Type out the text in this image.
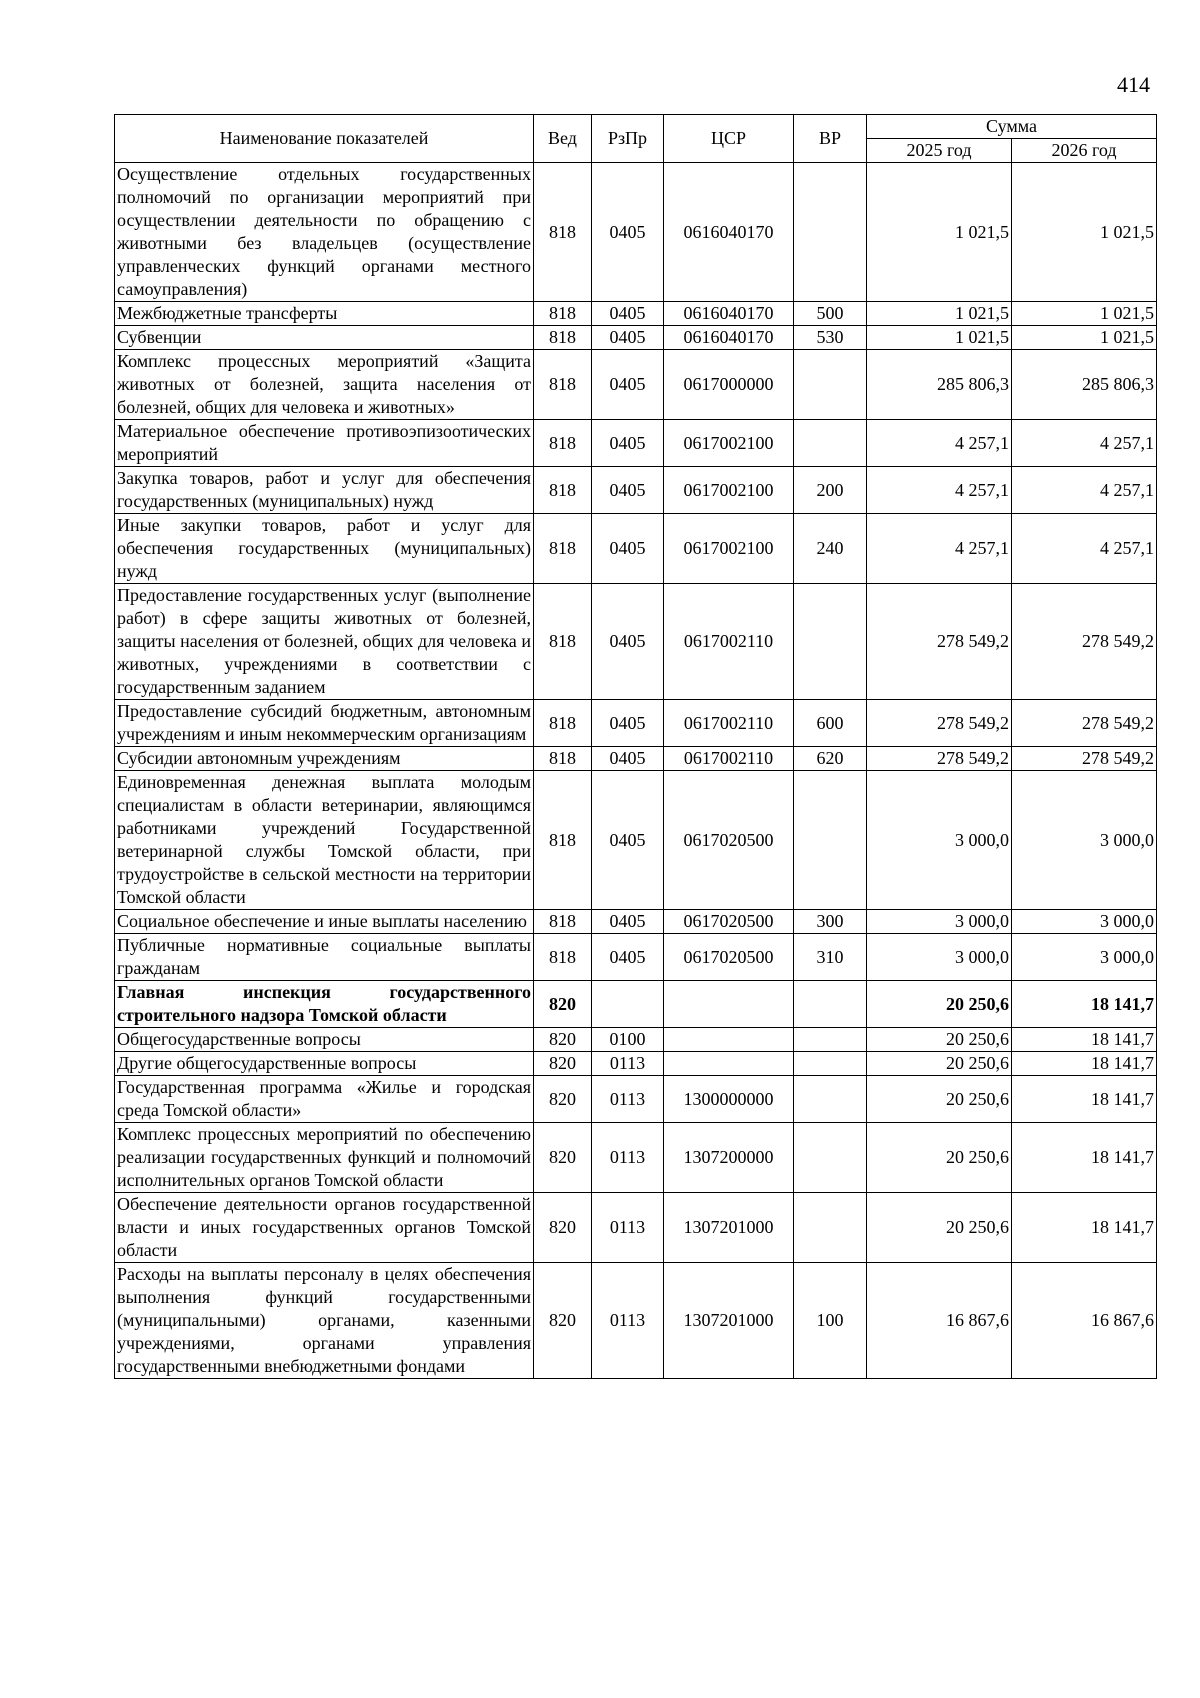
414
Наименование показателей	Вед	РзПр	ЦСР	ВР	Сумма	
					2025 год	2026 год
Осуществление отдельных государственных полномочий по организации мероприятий при осуществлении деятельности по обращению с животными без владельцев (осуществление управленческих функций органами местного самоуправления)	818	0405	0616040170		1 021,5	1 021,5
Межбюджетные трансферты	818	0405	0616040170	500	1 021,5	1 021,5
Субвенции	818	0405	0616040170	530	1 021,5	1 021,5
Комплекс процессных мероприятий «Защита животных от болезней, защита населения от болезней, общих для человека и животных»	818	0405	0617000000		285 806,3	285 806,3
Материальное обеспечение противоэпизоотических мероприятий	818	0405	0617002100		4 257,1	4 257,1
Закупка товаров, работ и услуг для обеспечения государственных (муниципальных) нужд	818	0405	0617002100	200	4 257,1	4 257,1
Иные закупки товаров, работ и услуг для обеспечения государственных (муниципальных) нужд	818	0405	0617002100	240	4 257,1	4 257,1
Предоставление государственных услуг (выполнение работ) в сфере защиты животных от болезней, защиты населения от болезней, общих для человека и животных, учреждениями в соответствии с государственным заданием	818	0405	0617002110		278 549,2	278 549,2
Предоставление субсидий бюджетным, автономным учреждениям и иным некоммерческим организациям	818	0405	0617002110	600	278 549,2	278 549,2
Субсидии автономным учреждениям	818	0405	0617002110	620	278 549,2	278 549,2
Единовременная денежная выплата молодым специалистам в области ветеринарии, являющимся работниками учреждений Государственной ветеринарной службы Томской области, при трудоустройстве в сельской местности на территории Томской области	818	0405	0617020500		3 000,0	3 000,0
Социальное обеспечение и иные выплаты населению	818	0405	0617020500	300	3 000,0	3 000,0
Публичные нормативные социальные выплаты гражданам	818	0405	0617020500	310	3 000,0	3 000,0
Главная инспекция государственного строительного надзора Томской области	820				20 250,6	18 141,7
Общегосударственные вопросы	820	0100			20 250,6	18 141,7
Другие общегосударственные вопросы	820	0113			20 250,6	18 141,7
Государственная программа «Жилье и городская среда Томской области»	820	0113	1300000000		20 250,6	18 141,7
Комплекс процессных мероприятий по обеспечению реализации государственных функций и полномочий исполнительных органов Томской области	820	0113	1307200000		20 250,6	18 141,7
Обеспечение деятельности органов государственной власти и иных государственных органов Томской области	820	0113	1307201000		20 250,6	18 141,7
Расходы на выплаты персоналу в целях обеспечения выполнения функций государственными (муниципальными) органами, казенными учреждениями, органами управления государственными внебюджетными фондами	820	0113	1307201000	100	16 867,6	16 867,6
